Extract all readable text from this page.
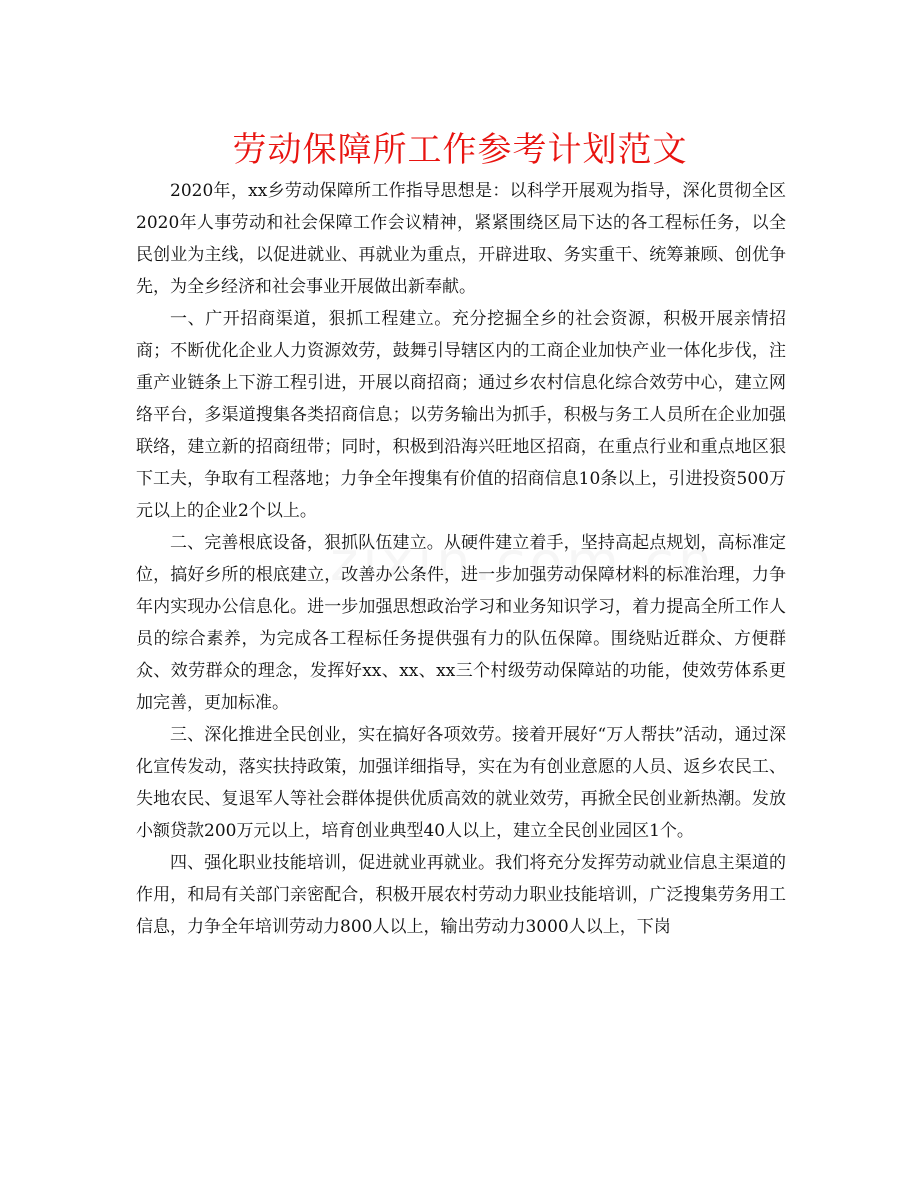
劳动保障所工作参考计划范文

2020年，xx乡劳动保障所工作指导思想是：以科学开展观为指导，深化贯彻全区2020年人事劳动和社会保障工作会议精神，紧紧围绕区局下达的各工程标任务，以全民创业为主线，以促进就业、再就业为重点，开辟进取、务实重干、统筹兼顾、创优争先，为全乡经济和社会事业开展做出新奉献。

一、广开招商渠道，狠抓工程建立。充分挖掘全乡的社会资源，积极开展亲情招商；不断优化企业人力资源效劳，鼓舞引导辖区内的工商企业加快产业一体化步伐，注重产业链条上下游工程引进，开展以商招商；通过乡农村信息化综合效劳中心，建立网络平台，多渠道搜集各类招商信息；以劳务输出为抓手，积极与务工人员所在企业加强联络，建立新的招商纽带；同时，积极到沿海兴旺地区招商，在重点行业和重点地区狠下工夫，争取有工程落地；力争全年搜集有价值的招商信息10条以上，引进投资500万元以上的企业2个以上。

二、完善根底设备，狠抓队伍建立。从硬件建立着手，坚持高起点规划，高标准定位，搞好乡所的根底建立，改善办公条件，进一步加强劳动保障材料的标准治理，力争年内实现办公信息化。进一步加强思想政治学习和业务知识学习，着力提高全所工作人员的综合素养，为完成各工程标任务提供强有力的队伍保障。围绕贴近群众、方便群众、效劳群众的理念，发挥好xx、xx、xx三个村级劳动保障站的功能，使效劳体系更加完善，更加标准。

三、深化推进全民创业，实在搞好各项效劳。接着开展好“万人帮扶”活动，通过深化宣传发动，落实扶持政策，加强详细指导，实在为有创业意愿的人员、返乡农民工、失地农民、复退军人等社会群体提供优质高效的就业效劳，再掀全民创业新热潮。发放小额贷款200万元以上，培育创业典型40人以上，建立全民创业园区1个。

四、强化职业技能培训，促进就业再就业。我们将充分发挥劳动就业信息主渠道的作用，和局有关部门亲密配合，积极开展农村劳动力职业技能培训，广泛搜集劳务用工信息，力争全年培训劳动力800人以上，输出劳动力3000人以上，下岗
